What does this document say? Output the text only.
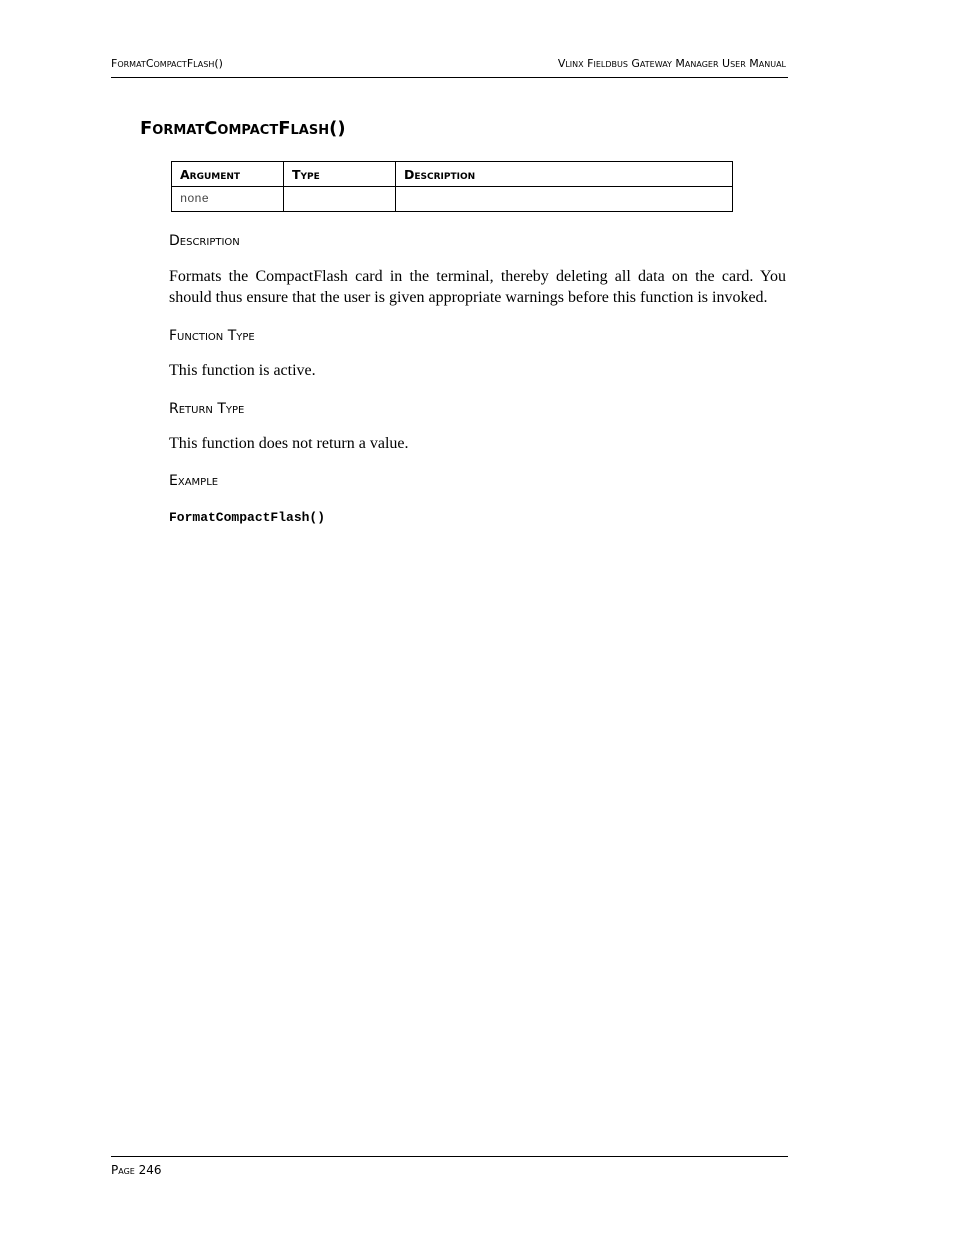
FormatCompactFlash()	Vlinx Fieldbus Gateway Manager User Manual
FormatCompactFlash()
Argument	Type	Description
none		
Description

Formats the CompactFlash card in the terminal, thereby deleting all data on the card. You should thus ensure that the user is given appropriate warnings before this function is invoked.

Function Type

This function is active.

Return Type

This function does not return a value.

Example
FormatCompactFlash()
Page 246
